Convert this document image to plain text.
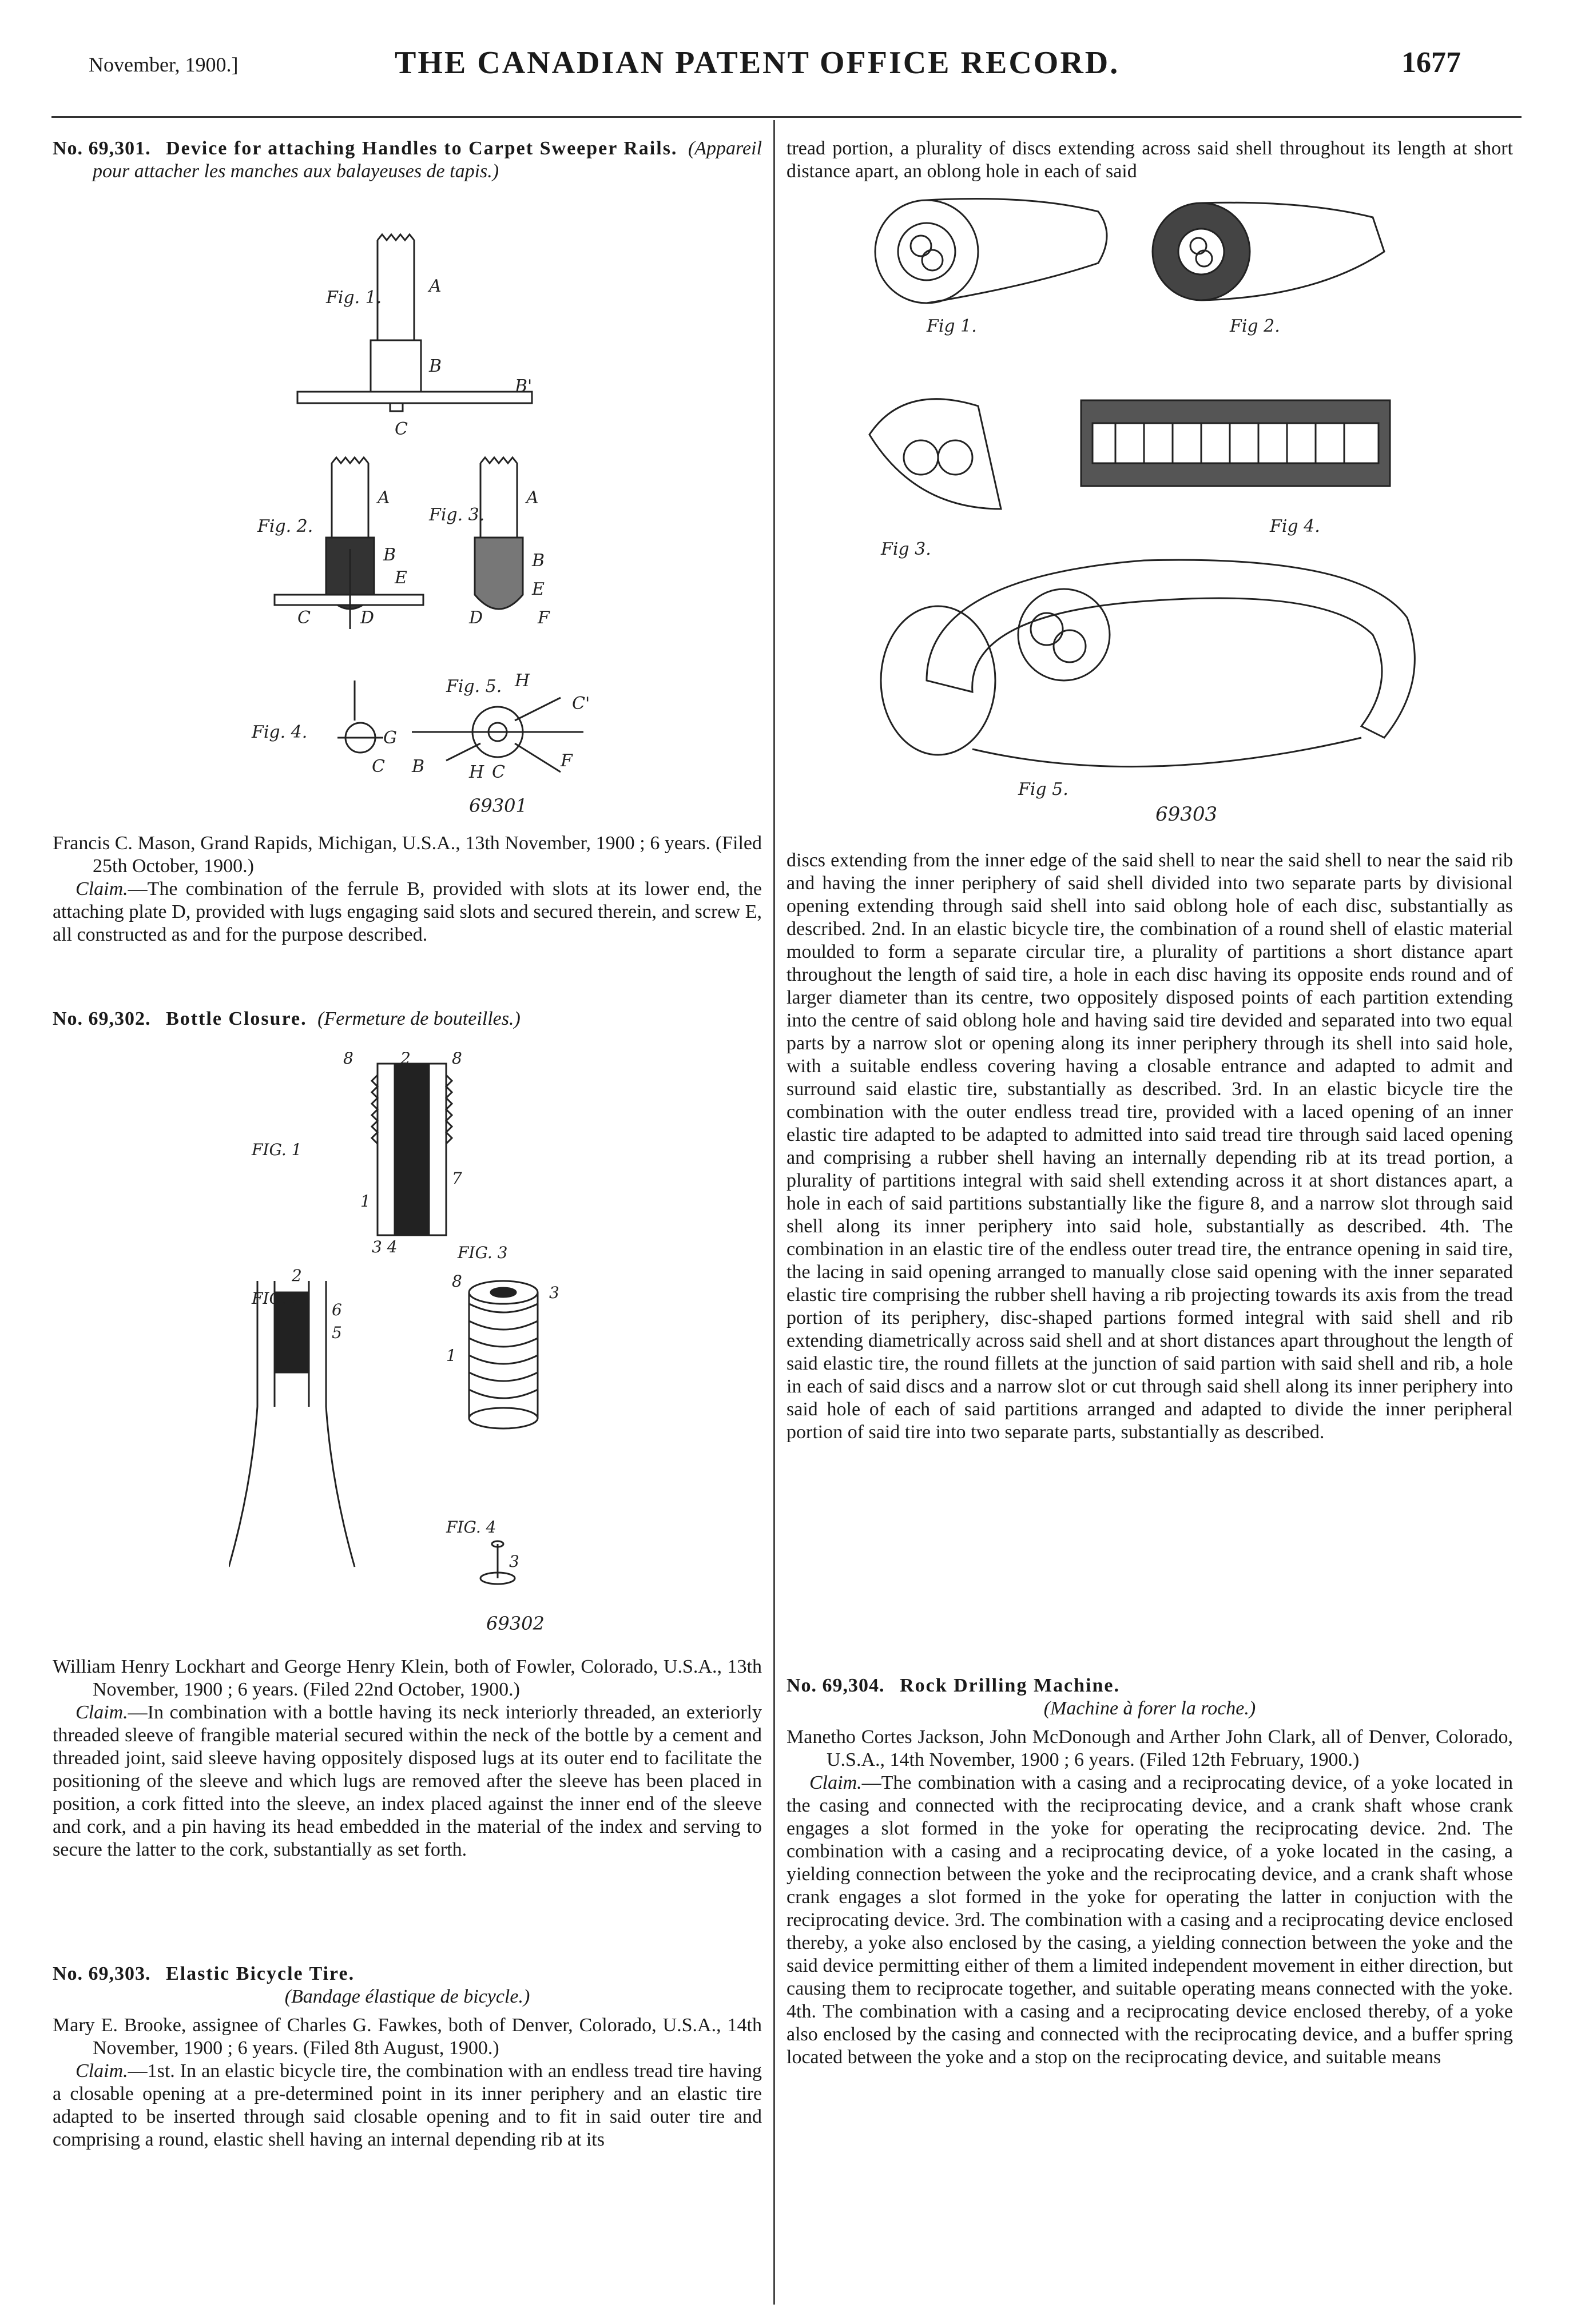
November, 1900.]	THE CANADIAN PATENT OFFICE RECORD.	1677

No. 69,301. Device for attaching Handles to Carpet Sweeper Rails. (Appareil pour attacher les manches aux balayeuses de tapis.)

Fig. 1.
A
B
B'
C
Fig. 2.
Fig. 3.
A	A
B	B
E
E
C	D	D	F
Fig. 4.
Fig. 5. H
C'
F
C
B	H
G
C
69301

Francis C. Mason, Grand Rapids, Michigan, U.S.A., 13th November, 1900 ; 6 years. (Filed 25th October, 1900.)

Claim.—The combination of the ferrule B, provided with slots at its lower end, the attaching plate D, provided with lugs engaging said slots and secured therein, and screw E, all constructed as and for the purpose described.

No. 69,302. Bottle Closure. (Fermeture de bouteilles.)

FIG. 1
FIG. 3
FIG. 2
FIG. 4
8	2	8
1
7
3 4
6
5
2	8
3
1
3
69302

William Henry Lockhart and George Henry Klein, both of Fowler, Colorado, U.S.A., 13th November, 1900 ; 6 years. (Filed 22nd October, 1900.)

Claim.—In combination with a bottle having its neck interiorly threaded, an exteriorly threaded sleeve of frangible material secured within the neck of the bottle by a cement and threaded joint, said sleeve having oppositely disposed lugs at its outer end to facilitate the positioning of the sleeve and which lugs are removed after the sleeve has been placed in position, a cork fitted into the sleeve, an index placed against the inner end of the sleeve and cork, and a pin having its head embedded in the material of the index and serving to secure the latter to the cork, substantially as set forth.

No. 69,303. Elastic Bicycle Tire.

(Bandage élastique de bicycle.)

Mary E. Brooke, assignee of Charles G. Fawkes, both of Denver, Colorado, U.S.A., 14th November, 1900 ; 6 years. (Filed 8th August, 1900.)

Claim.—1st. In an elastic bicycle tire, the combination with an endless tread tire having a closable opening at a pre-determined point in its inner periphery and an elastic tire adapted to be inserted through said closable opening and to fit in said outer tire and comprising a round, elastic shell having an internal depending rib at its

tread portion, a plurality of discs extending across said shell throughout its length at short distance apart, an oblong hole in each of said

Fig 1.	Fig 2.
Fig 3.
Fig 4.
Fig 5.
69303

discs extending from the inner edge of the said shell to near the said shell to near the said rib and having the inner periphery of said shell divided into two separate parts by divisional opening extending through said shell into said oblong hole of each disc, substantially as described. 2nd. In an elastic bicycle tire, the combination of a round shell of elastic material moulded to form a separate circular tire, a plurality of partitions a short distance apart throughout the length of said tire, a hole in each disc having its opposite ends round and of larger diameter than its centre, two oppositely disposed points of each partition extending into the centre of said oblong hole and having said tire devided and separated into two equal parts by a narrow slot or opening along its inner periphery through its shell into said hole, with a suitable endless covering having a closable entrance and adapted to admit and surround said elastic tire, substantially as described. 3rd. In an elastic bicycle tire the combination with the outer endless tread tire, provided with a laced opening of an inner elastic tire adapted to be adapted to admitted into said tread tire through said laced opening and comprising a rubber shell having an internally depending rib at its tread portion, a plurality of partitions integral with said shell extending across it at short distances apart, a hole in each of said partitions substantially like the figure 8, and a narrow slot through said shell along its inner periphery into said hole, substantially as described. 4th. The combination in an elastic tire of the endless outer tread tire, the entrance opening in said tire, the lacing in said opening arranged to manually close said opening with the inner separated elastic tire comprising the rubber shell having a rib projecting towards its axis from the tread portion of its periphery, disc-shaped partions formed integral with said shell and rib extending diametrically across said shell and at short distances apart throughout the length of said elastic tire, the round fillets at the junction of said partion with said shell and rib, a hole in each of said discs and a narrow slot or cut through said shell along its inner periphery into said hole of each of said partitions arranged and adapted to divide the inner peripheral portion of said tire into two separate parts, substantially as described.

No. 69,304. Rock Drilling Machine.

(Machine à forer la roche.)

Manetho Cortes Jackson, John McDonough and Arther John Clark, all of Denver, Colorado, U.S.A., 14th November, 1900 ; 6 years. (Filed 12th February, 1900.)

Claim.—The combination with a casing and a reciprocating device, of a yoke located in the casing and connected with the reciprocating device, and a crank shaft whose crank engages a slot formed in the yoke for operating the reciprocating device. 2nd. The combination with a casing and a reciprocating device, of a yoke located in the casing, a yielding connection between the yoke and the reciprocating device, and a crank shaft whose crank engages a slot formed in the yoke for operating the latter in conjuction with the reciprocating device. 3rd. The combination with a casing and a reciprocating device enclosed thereby, a yoke also enclosed by the casing, a yielding connection between the yoke and the said device permitting either of them a limited independent movement in either direction, but causing them to reciprocate together, and suitable operating means connected with the yoke. 4th. The combination with a casing and a reciprocating device enclosed thereby, of a yoke also enclosed by the casing and connected with the reciprocating device, and a buffer spring located between the yoke and a stop on the reciprocating device, and suitable means
